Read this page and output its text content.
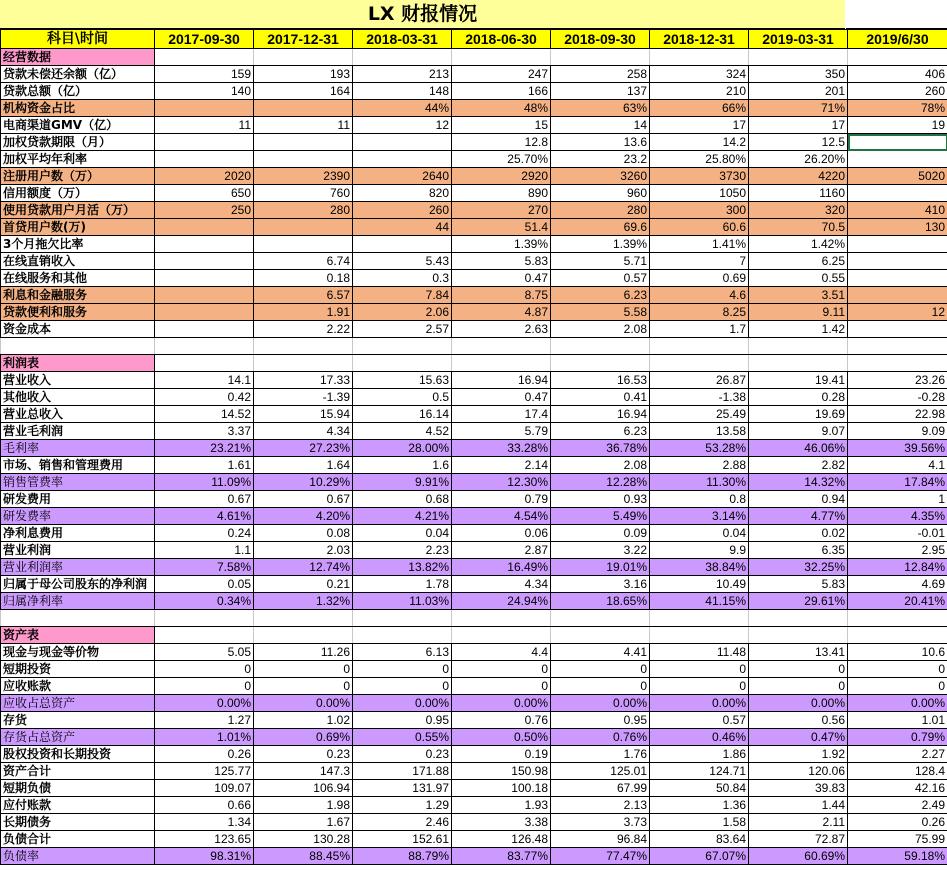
LX 财报情况
科目\时间	2017-09-30	2017-12-31	2018-03-31	2018-06-30	2018-09-30	2018-12-31	2019-03-31	2019/6/30
经营数据								
贷款未偿还余额（亿）	159	193	213	247	258	324	350	406
贷款总额（亿）	140	164	148	166	137	210	201	260
机构资金占比			44%	48%	63%	66%	71%	78%
电商渠道GMV（亿）	11	11	12	15	14	17	17	19
加权贷款期限（月）				12.8	13.6	14.2	12.5	
加权平均年利率				25.70%	23.2	25.80%	26.20%	
注册用户数（万）	2020	2390	2640	2920	3260	3730	4220	5020
信用额度（万）	650	760	820	890	960	1050	1160	
使用贷款用户月活（万）	250	280	260	270	280	300	320	410
首贷用户数(万)			44	51.4	69.6	60.6	70.5	130
3个月拖欠比率				1.39%	1.39%	1.41%	1.42%	
在线直销收入		6.74	5.43	5.83	5.71	7	6.25	
在线服务和其他		0.18	0.3	0.47	0.57	0.69	0.55	
利息和金融服务		6.57	7.84	8.75	6.23	4.6	3.51	
贷款便利和服务		1.91	2.06	4.87	5.58	8.25	9.11	12
资金成本		2.22	2.57	2.63	2.08	1.7	1.42	

利润表								
营业收入	14.1	17.33	15.63	16.94	16.53	26.87	19.41	23.26
其他收入	0.42	-1.39	0.5	0.47	0.41	-1.38	0.28	-0.28
营业总收入	14.52	15.94	16.14	17.4	16.94	25.49	19.69	22.98
营业毛利润	3.37	4.34	4.52	5.79	6.23	13.58	9.07	9.09
毛利率	23.21%	27.23%	28.00%	33.28%	36.78%	53.28%	46.06%	39.56%
市场、销售和管理费用	1.61	1.64	1.6	2.14	2.08	2.88	2.82	4.1
销售管费率	11.09%	10.29%	9.91%	12.30%	12.28%	11.30%	14.32%	17.84%
研发费用	0.67	0.67	0.68	0.79	0.93	0.8	0.94	1
研发费率	4.61%	4.20%	4.21%	4.54%	5.49%	3.14%	4.77%	4.35%
净利息费用	0.24	0.08	0.04	0.06	0.09	0.04	0.02	-0.01
营业利润	1.1	2.03	2.23	2.87	3.22	9.9	6.35	2.95
营业利润率	7.58%	12.74%	13.82%	16.49%	19.01%	38.84%	32.25%	12.84%
归属于母公司股东的净利润	0.05	0.21	1.78	4.34	3.16	10.49	5.83	4.69
归属净利率	0.34%	1.32%	11.03%	24.94%	18.65%	41.15%	29.61%	20.41%

资产表								
现金与现金等价物	5.05	11.26	6.13	4.4	4.41	11.48	13.41	10.6
短期投资	0	0	0	0	0	0	0	0
应收账款	0	0	0	0	0	0	0	0
应收占总资产	0.00%	0.00%	0.00%	0.00%	0.00%	0.00%	0.00%	0.00%
存货	1.27	1.02	0.95	0.76	0.95	0.57	0.56	1.01
存货占总资产	1.01%	0.69%	0.55%	0.50%	0.76%	0.46%	0.47%	0.79%
股权投资和长期投资	0.26	0.23	0.23	0.19	1.76	1.86	1.92	2.27
资产合计	125.77	147.3	171.88	150.98	125.01	124.71	120.06	128.4
短期负债	109.07	106.94	131.97	100.18	67.99	50.84	39.83	42.16
应付账款	0.66	1.98	1.29	1.93	2.13	1.36	1.44	2.49
长期债务	1.34	1.67	2.46	3.38	3.73	1.58	2.11	0.26
负债合计	123.65	130.28	152.61	126.48	96.84	83.64	72.87	75.99
负债率	98.31%	88.45%	88.79%	83.77%	77.47%	67.07%	60.69%	59.18%
